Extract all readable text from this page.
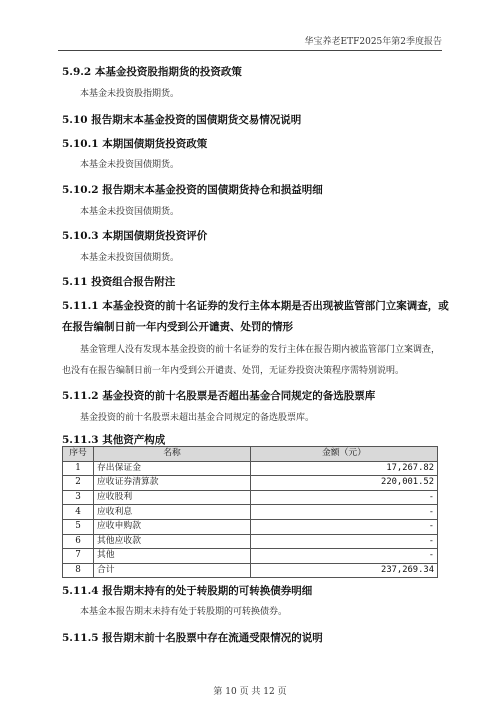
华宝养老ETF2025年第2季度报告
5.9.2 本基金投资股指期货的投资政策
本基金未投资股指期货。
5.10 报告期末本基金投资的国债期货交易情况说明
5.10.1 本期国债期货投资政策
本基金未投资国债期货。
5.10.2 报告期末本基金投资的国债期货持仓和损益明细
本基金未投资国债期货。
5.10.3 本期国债期货投资评价
本基金未投资国债期货。
5.11 投资组合报告附注
5.11.1 本基金投资的前十名证券的发行主体本期是否出现被监管部门立案调查，或
在报告编制日前一年内受到公开谴责、处罚的情形
基金管理人没有发现本基金投资的前十名证券的发行主体在报告期内被监管部门立案调查，
也没有在报告编制日前一年内受到公开谴责、处罚，无证券投资决策程序需特别说明。
5.11.2 基金投资的前十名股票是否超出基金合同规定的备选股票库
基金投资的前十名股票未超出基金合同规定的备选股票库。
5.11.3 其他资产构成
序号	名称	金额（元）
1	存出保证金	17,267.82
2	应收证券清算款	220,001.52
3	应收股利	-
4	应收利息	-
5	应收申购款	-
6	其他应收款	-
7	其他	-
8	合计	237,269.34
5.11.4 报告期末持有的处于转股期的可转换债券明细
本基金本报告期末未持有处于转股期的可转换债券。
5.11.5 报告期末前十名股票中存在流通受限情况的说明
第 10 页 共 12 页
